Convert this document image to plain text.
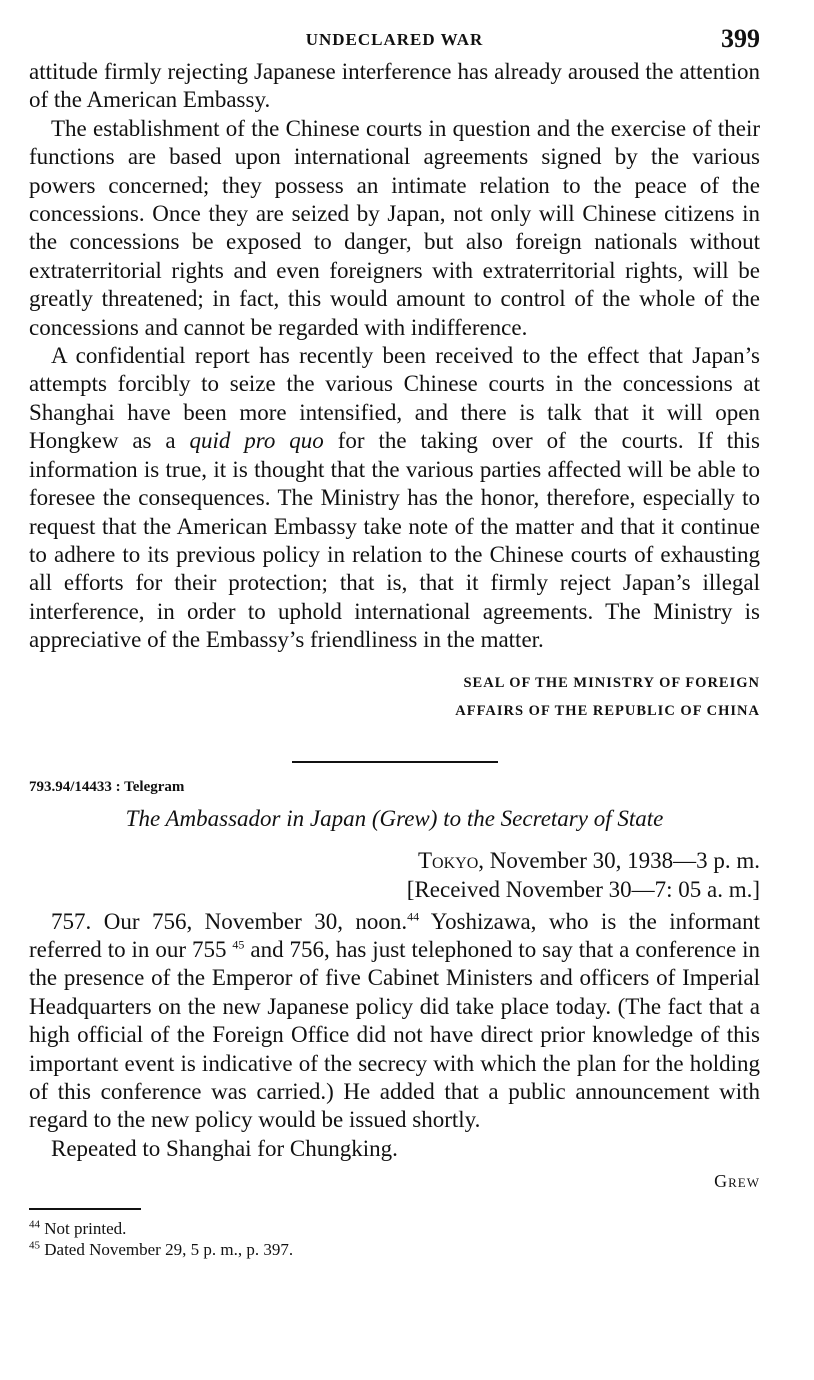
UNDECLARED WAR	399

attitude firmly rejecting Japanese interference has already aroused the attention of the American Embassy.

The establishment of the Chinese courts in question and the exercise of their functions are based upon international agreements signed by the various powers concerned; they possess an intimate relation to the peace of the concessions. Once they are seized by Japan, not only will Chinese citizens in the concessions be exposed to danger, but also foreign nationals without extraterritorial rights and even foreigners with extraterritorial rights, will be greatly threatened; in fact, this would amount to control of the whole of the concessions and cannot be regarded with indifference.

A confidential report has recently been received to the effect that Japan’s attempts forcibly to seize the various Chinese courts in the concessions at Shanghai have been more intensified, and there is talk that it will open Hongkew as a quid pro quo for the taking over of the courts. If this information is true, it is thought that the various parties affected will be able to foresee the consequences. The Ministry has the honor, therefore, especially to request that the American Embassy take note of the matter and that it continue to adhere to its previous policy in relation to the Chinese courts of exhausting all efforts for their protection; that is, that it firmly reject Japan’s illegal interference, in order to uphold international agreements. The Ministry is appreciative of the Embassy’s friendliness in the matter.

SEAL OF THE MINISTRY OF FOREIGN
AFFAIRS OF THE REPUBLIC OF CHINA
793.94/14433 : Telegram
The Ambassador in Japan (Grew) to the Secretary of State
Tokyo, November 30, 1938—3 p. m.
[Received November 30—7: 05 a. m.]

757. Our 756, November 30, noon.$^{44}$ Yoshizawa, who is the informant referred to in our 755 $^{45}$ and 756, has just telephoned to say that a conference in the presence of the Emperor of five Cabinet Ministers and officers of Imperial Headquarters on the new Japanese policy did take place today. (The fact that a high official of the Foreign Office did not have direct prior knowledge of this important event is indicative of the secrecy with which the plan for the holding of this conference was carried.) He added that a public announcement with regard to the new policy would be issued shortly.

Repeated to Shanghai for Chungking.

Grew
$^{44}$ Not printed.
$^{45}$ Dated November 29, 5 p. m., p. 397.
